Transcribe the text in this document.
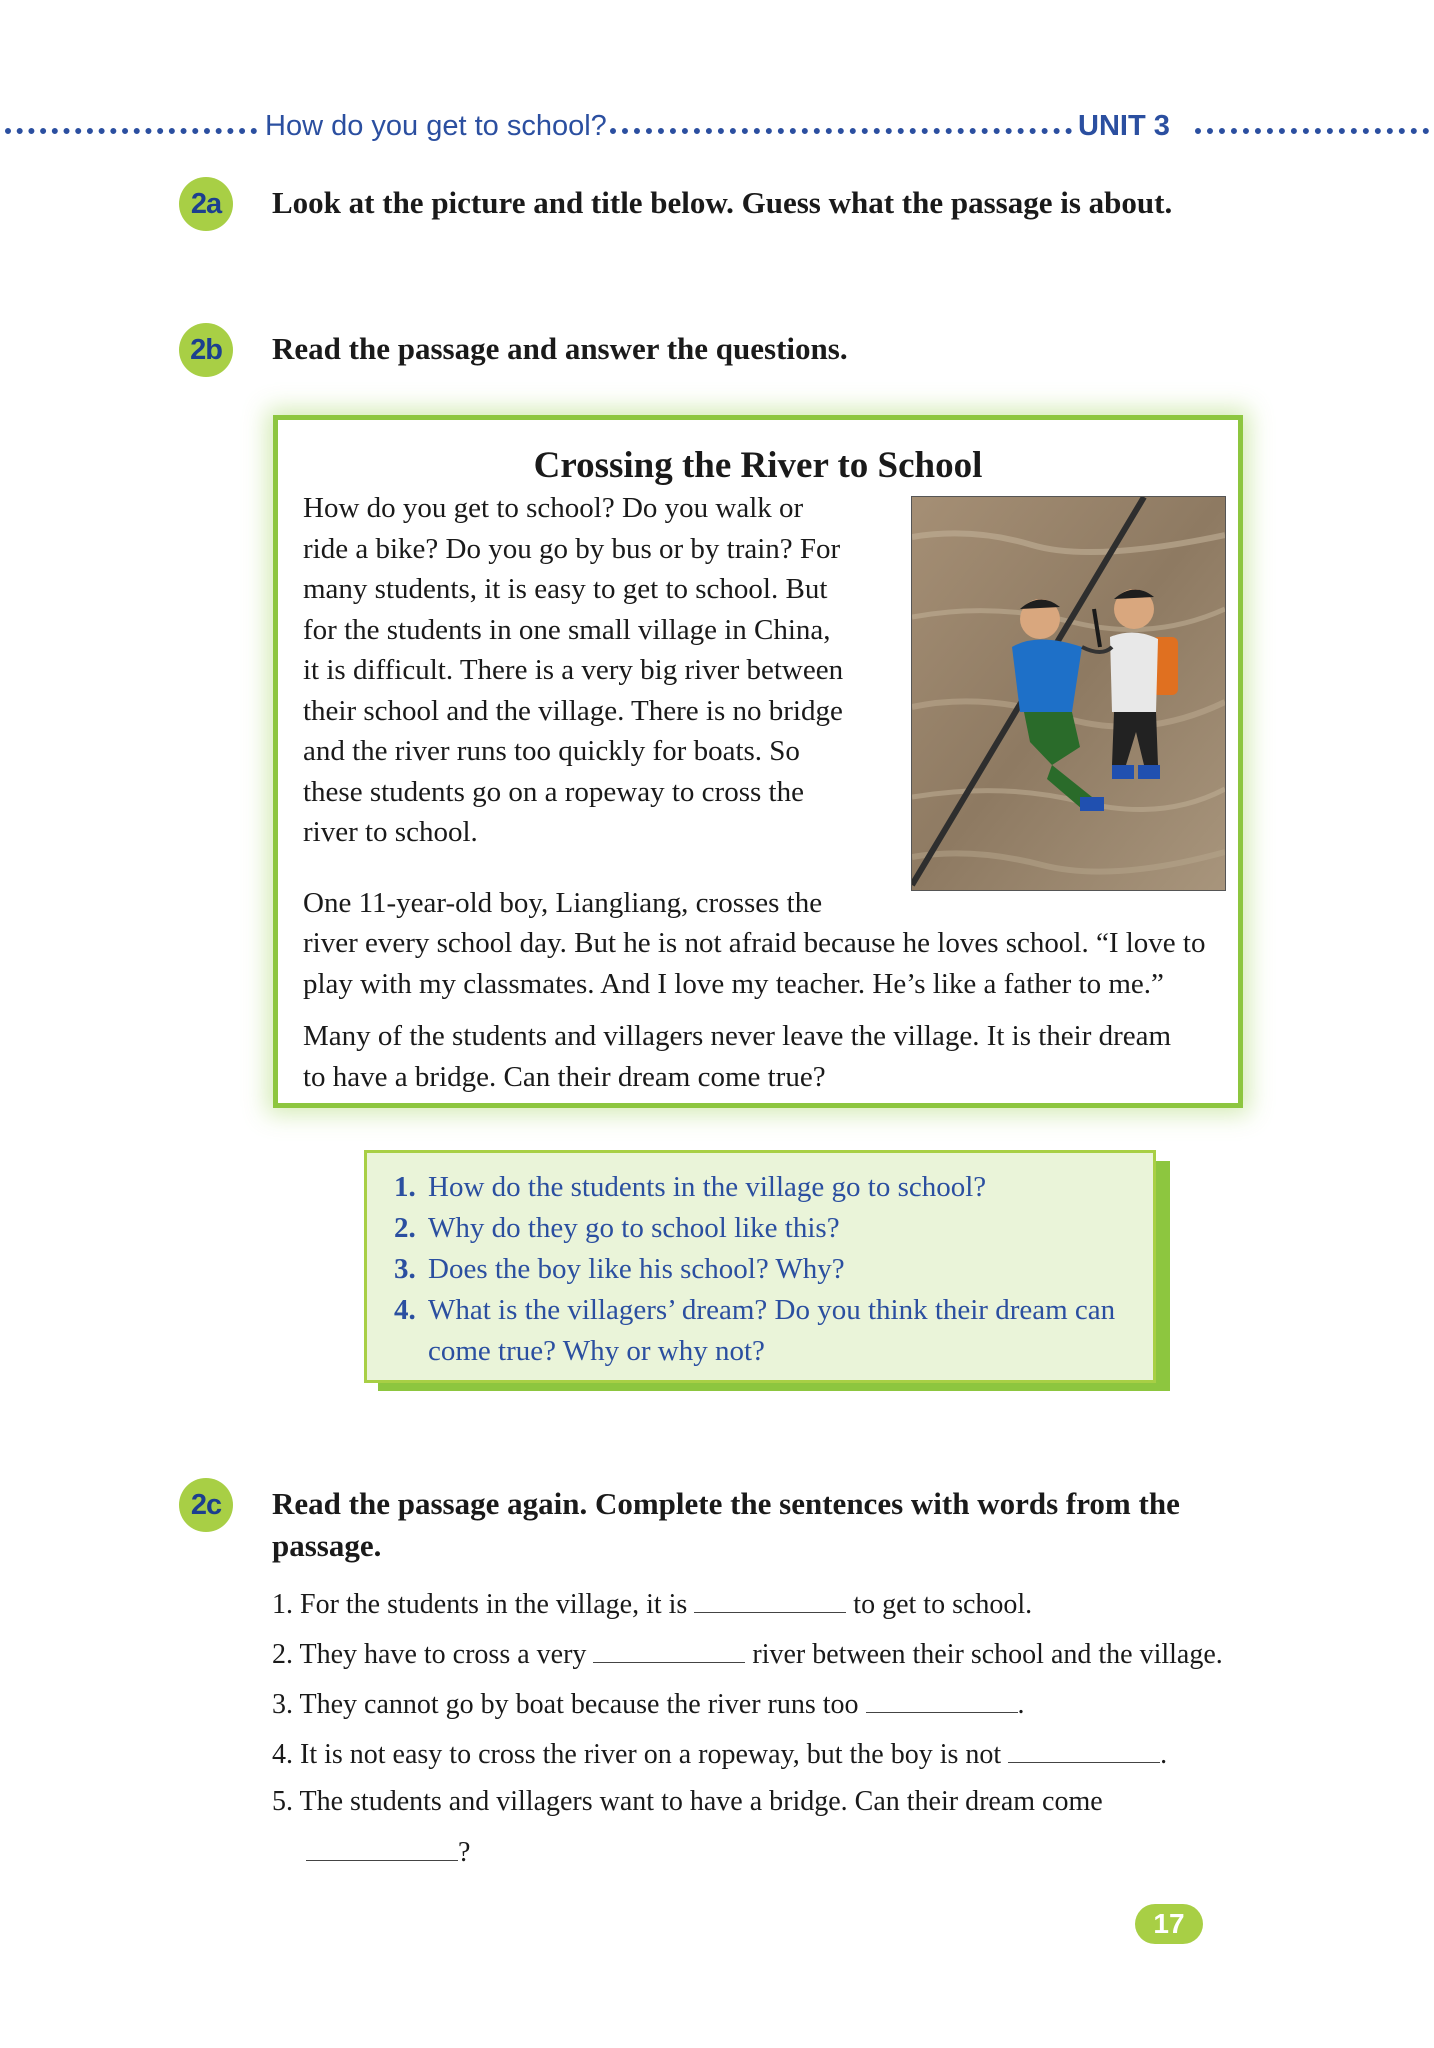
How do you get to school?	UNIT 3
2a	Look at the picture and title below. Guess what the passage is about.
2b	Read the passage and answer the questions.
Crossing the River to School
How do you get to school? Do you walk or
ride a bike? Do you go by bus or by train? For
many students, it is easy to get to school. But
for the students in one small village in China,
it is difficult. There is a very big river between
their school and the village. There is no bridge
and the river runs too quickly for boats. So
these students go on a ropeway to cross the
river to school.
One 11-year-old boy, Liangliang, crosses the
river every school day. But he is not afraid because he loves school. “I love to
play with my classmates. And I love my teacher. He’s like a father to me.”
Many of the students and villagers never leave the village. It is their dream
to have a bridge. Can their dream come true?
1. How do the students in the village go to school?
2. Why do they go to school like this?
3. Does the boy like his school? Why?
4. What is the villagers’ dream? Do you think their dream can
come true? Why or why not?
2c	Read the passage again. Complete the sentences with words from the
passage.
1. For the students in the village, it is	to get to school.
2. They have to cross a very	river between their school and the village.
3. They cannot go by boat because the river runs too	.
4. It is not easy to cross the river on a ropeway, but the boy is not	.
5. The students and villagers want to have a bridge. Can their dream come
?
17
